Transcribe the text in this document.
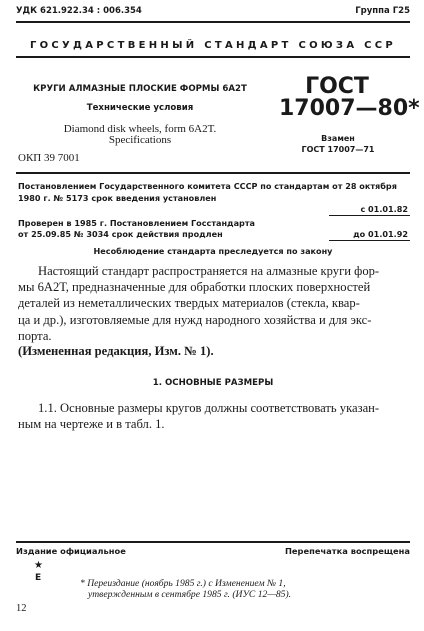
УДК 621.922.34 : 006.354	Группа Г25
ГОСУДАРСТВЕННЫЙ СТАНДАРТ СОЮЗА ССР
КРУГИ АЛМАЗНЫЕ ПЛОСКИЕ ФОРМЫ 6А2Т
Технические условия
Diamond disk wheels, form 6A2T.
Specifications
ГОСТ
17007—80*
Взамен
ГОСТ 17007—71
ОКП 39 7001
Постановлением Государственного комитета СССР по стандартам от 28 октября
1980 г. № 5173 срок введения установлен
с 01.01.82
Проверен в 1985 г. Постановлением Госстандарта
от 25.09.85 № 3034 срок действия продлен	до 01.01.92
Несоблюдение стандарта преследуется по закону
Настоящий стандарт распространяется на алмазные круги фор-
мы 6А2Т, предназначенные для обработки плоских поверхностей
деталей из неметаллических твердых материалов (стекла, квар-
ца и др.), изготовляемые для нужд народного хозяйства и для экс-
порта.
(Измененная редакция, Изм. № 1).
1. ОСНОВНЫЕ РАЗМЕРЫ
1.1. Основные размеры кругов должны соответствовать указан-
ным на чертеже и в табл. 1.
Издание официальное	Перепечатка воспрещена
★
Е	* Переиздание (ноябрь 1985 г.) с Изменением № 1,
утвержденным в сентябре 1985 г. (ИУС 12—85).
12
